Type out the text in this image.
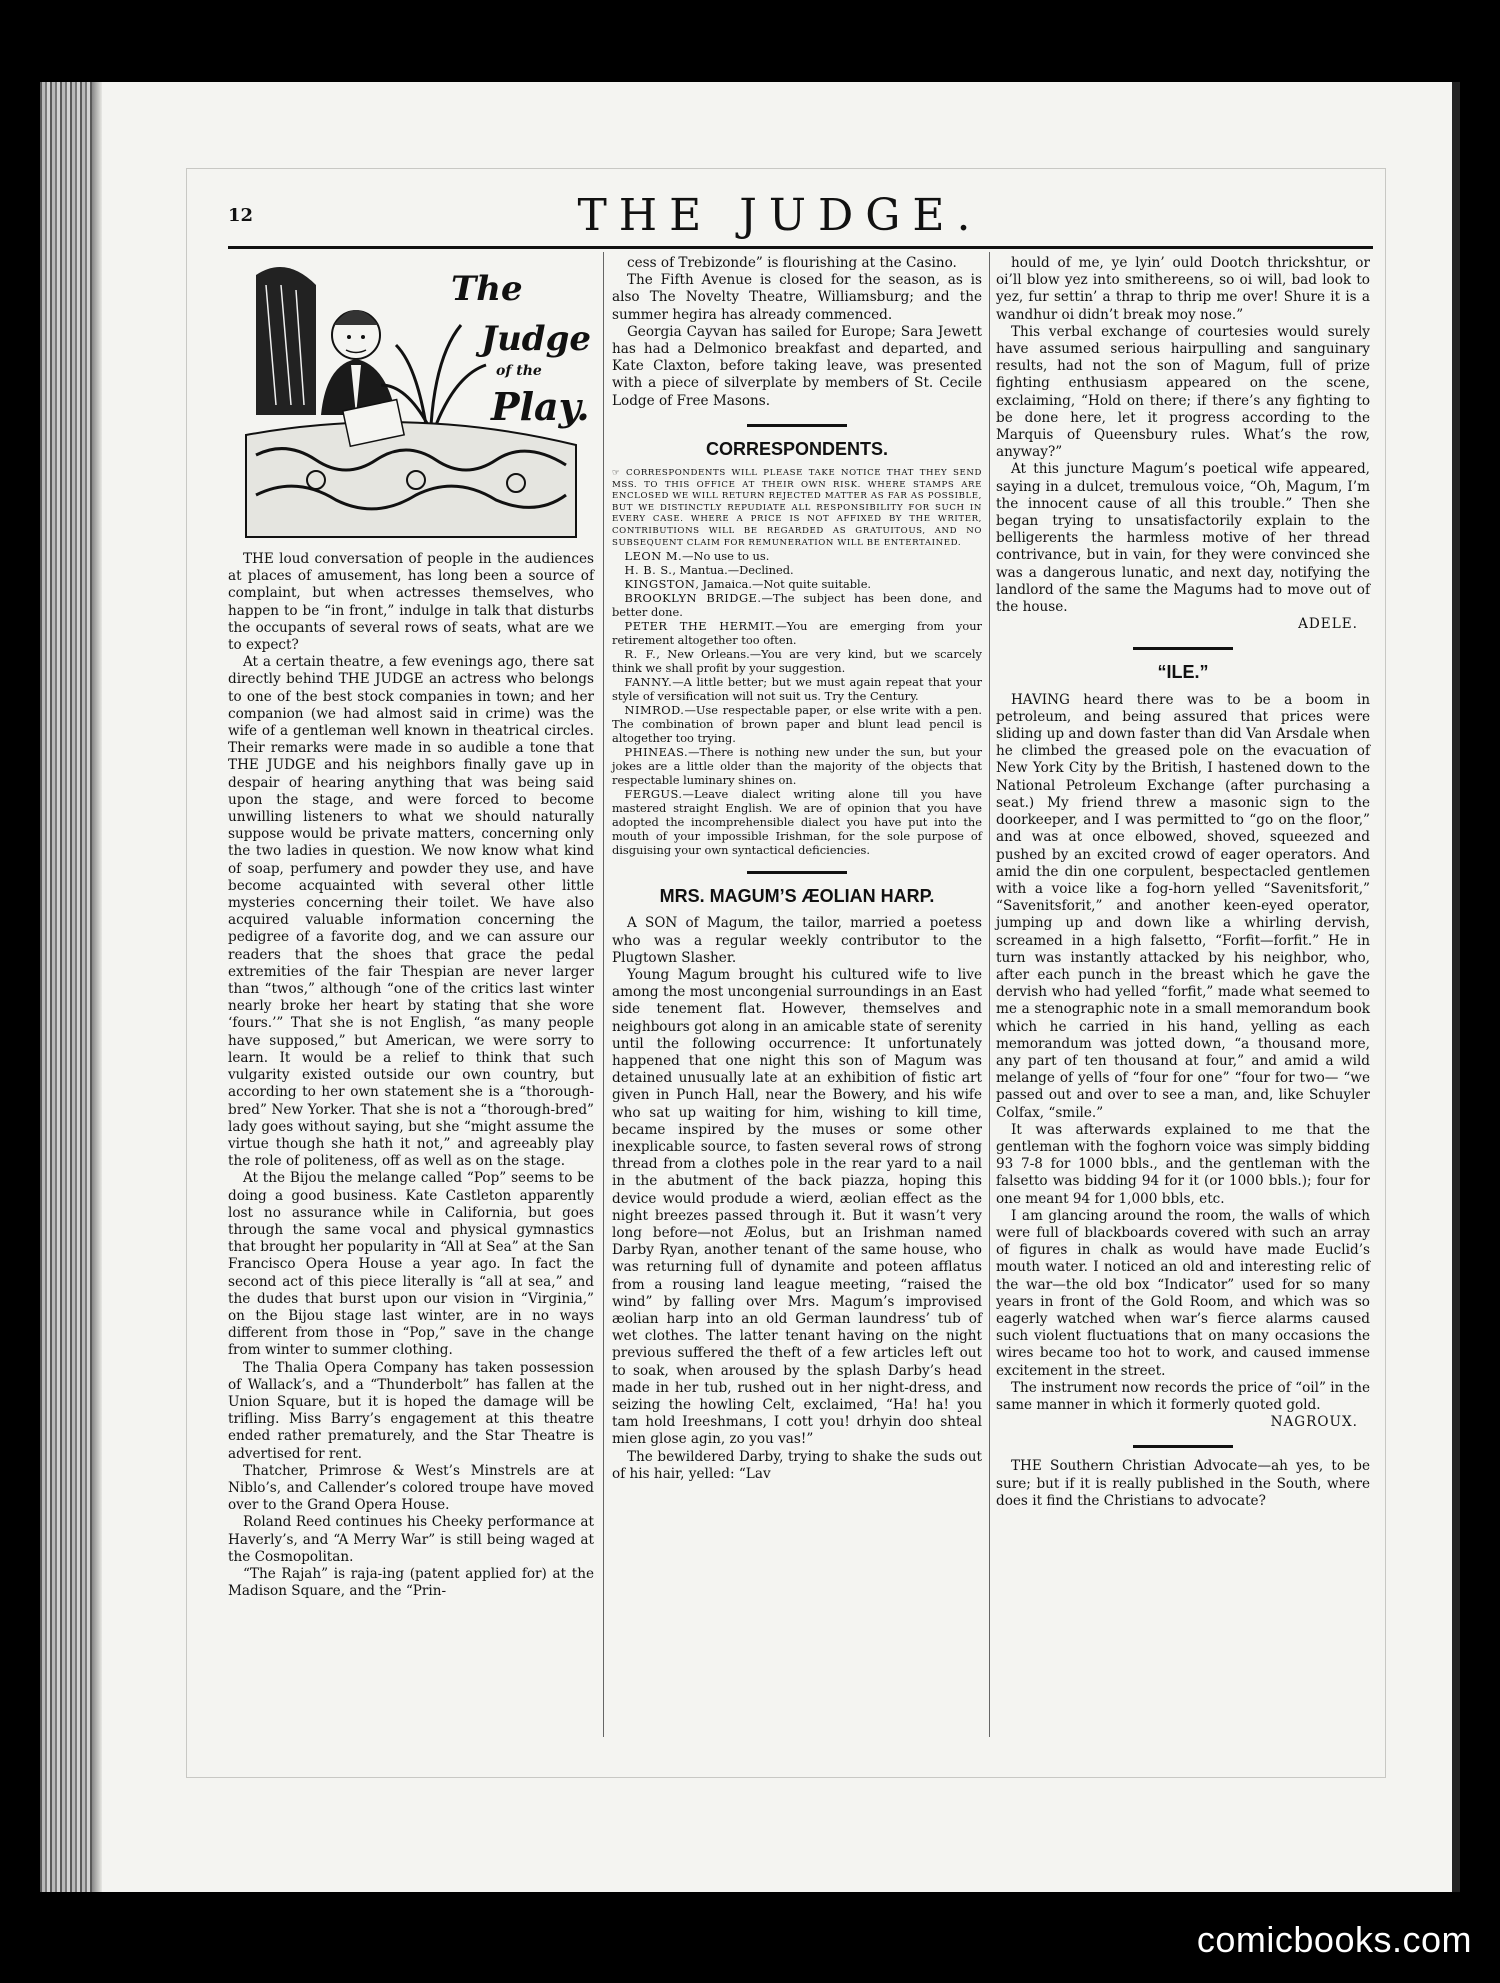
12	THE JUDGE.
The
Judge
of the
Play.

THE loud conversation of people in the audiences at places of amusement, has long been a source of complaint, but when actresses themselves, who happen to be “in front,” indulge in talk that disturbs the occupants of several rows of seats, what are we to expect?

At a certain theatre, a few evenings ago, there sat directly behind THE JUDGE an actress who belongs to one of the best stock companies in town; and her companion (we had almost said in crime) was the wife of a gentleman well known in theatrical circles. Their remarks were made in so audible a tone that THE JUDGE and his neighbors finally gave up in despair of hearing anything that was being said upon the stage, and were forced to become unwilling listeners to what we should naturally suppose would be private matters, concerning only the two ladies in question. We now know what kind of soap, perfumery and powder they use, and have become acquainted with several other little mysteries concerning their toilet. We have also acquired valuable information concerning the pedigree of a favorite dog, and we can assure our readers that the shoes that grace the pedal extremities of the fair Thespian are never larger than “twos,” although “one of the critics last winter nearly broke her heart by stating that she wore ‘fours.’” That she is not English, “as many people have supposed,” but American, we were sorry to learn. It would be a relief to think that such vulgarity existed outside our own country, but according to her own statement she is a “thorough-bred” New Yorker. That she is not a “thorough-bred” lady goes without saying, but she “might assume the virtue though she hath it not,” and agreeably play the role of politeness, off as well as on the stage.

At the Bijou the melange called “Pop” seems to be doing a good business. Kate Castleton apparently lost no assurance while in California, but goes through the same vocal and physical gymnastics that brought her popularity in “All at Sea” at the San Francisco Opera House a year ago. In fact the second act of this piece literally is “all at sea,” and the dudes that burst upon our vision in “Virginia,” on the Bijou stage last winter, are in no ways different from those in “Pop,” save in the change from winter to summer clothing.

The Thalia Opera Company has taken possession of Wallack’s, and a “Thunderbolt” has fallen at the Union Square, but it is hoped the damage will be trifling. Miss Barry’s engagement at this theatre ended rather prematurely, and the Star Theatre is advertised for rent.

Thatcher, Primrose & West’s Minstrels are at Niblo’s, and Callender’s colored troupe have moved over to the Grand Opera House.

Roland Reed continues his Cheeky performance at Haverly’s, and “A Merry War” is still being waged at the Cosmopolitan.

“The Rajah” is raja-ing (patent applied for) at the Madison Square, and the “Prin-

cess of Trebizonde” is flourishing at the Casino.

The Fifth Avenue is closed for the season, as is also The Novelty Theatre, Williamsburg; and the summer hegira has already commenced.

Georgia Cayvan has sailed for Europe; Sara Jewett has had a Delmonico breakfast and departed, and Kate Claxton, before taking leave, was presented with a piece of silverplate by members of St. Cecile Lodge of Free Masons.

CORRESPONDENTS.

☞ CORRESPONDENTS WILL PLEASE TAKE NOTICE THAT THEY SEND MSS. TO THIS OFFICE AT THEIR OWN RISK. WHERE STAMPS ARE ENCLOSED WE WILL RETURN REJECTED MATTER AS FAR AS POSSIBLE, BUT WE DISTINCTLY REPUDIATE ALL RESPONSIBILITY FOR SUCH IN EVERY CASE. WHERE A PRICE IS NOT AFFIXED BY THE WRITER, CONTRIBUTIONS WILL BE REGARDED AS GRATUITOUS, AND NO SUBSEQUENT CLAIM FOR REMUNERATION WILL BE ENTERTAINED.

LEON M.—No use to us.

H. B. S., Mantua.—Declined.

KINGSTON, Jamaica.—Not quite suitable.

BROOKLYN BRIDGE.—The subject has been done, and better done.

PETER THE HERMIT.—You are emerging from your retirement altogether too often.

R. F., New Orleans.—You are very kind, but we scarcely think we shall profit by your suggestion.

FANNY.—A little better; but we must again repeat that your style of versification will not suit us. Try the Century.

NIMROD.—Use respectable paper, or else write with a pen. The combination of brown paper and blunt lead pencil is altogether too trying.

PHINEAS.—There is nothing new under the sun, but your jokes are a little older than the majority of the objects that respectable luminary shines on.

FERGUS.—Leave dialect writing alone till you have mastered straight English. We are of opinion that you have adopted the incomprehensible dialect you have put into the mouth of your impossible Irishman, for the sole purpose of disguising your own syntactical deficiencies.

MRS. MAGUM’S ÆOLIAN HARP.

A SON of Magum, the tailor, married a poetess who was a regular weekly contributor to the Plugtown Slasher.

Young Magum brought his cultured wife to live among the most uncongenial surroundings in an East side tenement flat. However, themselves and neighbours got along in an amicable state of serenity until the following occurrence: It unfortunately happened that one night this son of Magum was detained unusually late at an exhibition of fistic art given in Punch Hall, near the Bowery, and his wife who sat up waiting for him, wishing to kill time, became inspired by the muses or some other inexplicable source, to fasten several rows of strong thread from a clothes pole in the rear yard to a nail in the abutment of the back piazza, hoping this device would produde a wierd, æolian effect as the night breezes passed through it. But it wasn’t very long before—not Æolus, but an Irishman named Darby Ryan, another tenant of the same house, who was returning full of dynamite and poteen afflatus from a rousing land league meeting, “raised the wind” by falling over Mrs. Magum’s improvised æolian harp into an old German laundress’ tub of wet clothes. The latter tenant having on the night previous suffered the theft of a few articles left out to soak, when aroused by the splash Darby’s head made in her tub, rushed out in her night-dress, and seizing the howling Celt, exclaimed, “Ha! ha! you tam hold Ireeshmans, I cott you! drhyin doo shteal mien glose agin, zo you vas!”

The bewildered Darby, trying to shake the suds out of his hair, yelled: “Lav

hould of me, ye lyin’ ould Dootch thrickshtur, or oi’ll blow yez into smithereens, so oi will, bad look to yez, fur settin’ a thrap to thrip me over! Shure it is a wandhur oi didn’t break moy nose.”

This verbal exchange of courtesies would surely have assumed serious hairpulling and sanguinary results, had not the son of Magum, full of prize fighting enthusiasm appeared on the scene, exclaiming, “Hold on there; if there’s any fighting to be done here, let it progress according to the Marquis of Queensbury rules. What’s the row, anyway?”

At this juncture Magum’s poetical wife appeared, saying in a dulcet, tremulous voice, “Oh, Magum, I’m the innocent cause of all this trouble.” Then she began trying to unsatisfactorily explain to the belligerents the harmless motive of her thread contrivance, but in vain, for they were convinced she was a dangerous lunatic, and next day, notifying the landlord of the same the Magums had to move out of the house.

ADELE.
“ILE.”

HAVING heard there was to be a boom in petroleum, and being assured that prices were sliding up and down faster than did Van Arsdale when he climbed the greased pole on the evacuation of New York City by the British, I hastened down to the National Petroleum Exchange (after purchasing a seat.) My friend threw a masonic sign to the doorkeeper, and I was permitted to “go on the floor,” and was at once elbowed, shoved, squeezed and pushed by an excited crowd of eager operators. And amid the din one corpulent, bespectacled gentlemen with a voice like a fog-horn yelled “Savenitsforit,” “Savenitsforit,” and another keen-eyed operator, jumping up and down like a whirling dervish, screamed in a high falsetto, “Forfit—forfit.” He in turn was instantly attacked by his neighbor, who, after each punch in the breast which he gave the dervish who had yelled “forfit,” made what seemed to me a stenographic note in a small memorandum book which he carried in his hand, yelling as each memorandum was jotted down, “a thousand more, any part of ten thousand at four,” and amid a wild melange of yells of “four for one” “four for two— “we passed out and over to see a man, and, like Schuyler Colfax, “smile.”

It was afterwards explained to me that the gentleman with the foghorn voice was simply bidding 93 7-8 for 1000 bbls., and the gentleman with the falsetto was bidding 94 for it (or 1000 bbls.); four for one meant 94 for 1,000 bbls, etc.

I am glancing around the room, the walls of which were full of blackboards covered with such an array of figures in chalk as would have made Euclid’s mouth water. I noticed an old and interesting relic of the war—the old box “Indicator” used for so many years in front of the Gold Room, and which was so eagerly watched when war’s fierce alarms caused such violent fluctuations that on many occasions the wires became too hot to work, and caused immense excitement in the street.

The instrument now records the price of “oil” in the same manner in which it formerly quoted gold.

NAGROUX.

THE Southern Christian Advocate—ah yes, to be sure; but if it is really published in the South, where does it find the Christians to advocate?

comicbooks.com
